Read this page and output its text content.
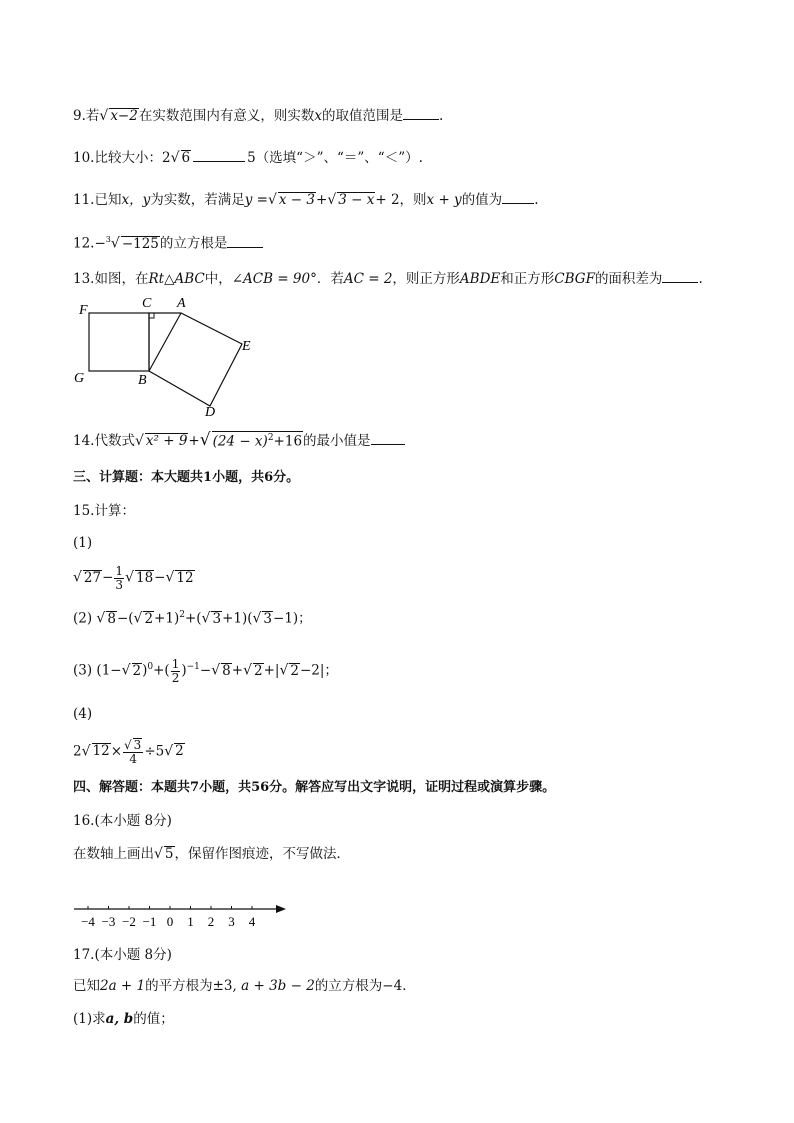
9.若√ x−2在实数范围内有意义，则实数x的取值范围是	.
10.比较大小：2√ 6	5（选填“＞”、“＝”、“＜”）.
11.已知x，y为实数，若满足y =√ x − 3+√ 3 − x+ 2，则x + y的值为 .
12.−$^3$√ −125的立方根是
13.如图，在Rt△ABC中，∠ACB = 90°．若AC = 2，则正方形ABDE和正方形CBGF的面积差为	.
F	C A
E
G	B
D
14.代数式√ x² + 9+√ $(24 - x)^2+16$的最小值是
三、计算题：本大题共1小题，共6分。
15.计算：
(1)
√ $27- \frac{1}{3}$ √ 18−√ 12
(2) √ 8−(√ 2+1)$^2$+(√ 3+1)(√ 3−1)；
(3) (1−√ $2)^0+( \frac{1}{2} )^{-1}-√$ 8+√ 2+|√ 2−2|；
(4)
2√ $12\times \frac{√ 3}{4} \div 5√$ 2
四、解答题：本题共7小题，共56分。解答应写出文字说明，证明过程或演算步骤。
16.(本小题 8分)
在数轴上画出√ 5，保留作图痕迹，不写做法．
−4 −3 −2 −1 0 1 2 3 4
17.(本小题 8分)
已知2a + 1的平方根为±3, a + 3b − 2的立方根为−4．
(1)求a, b的值；
